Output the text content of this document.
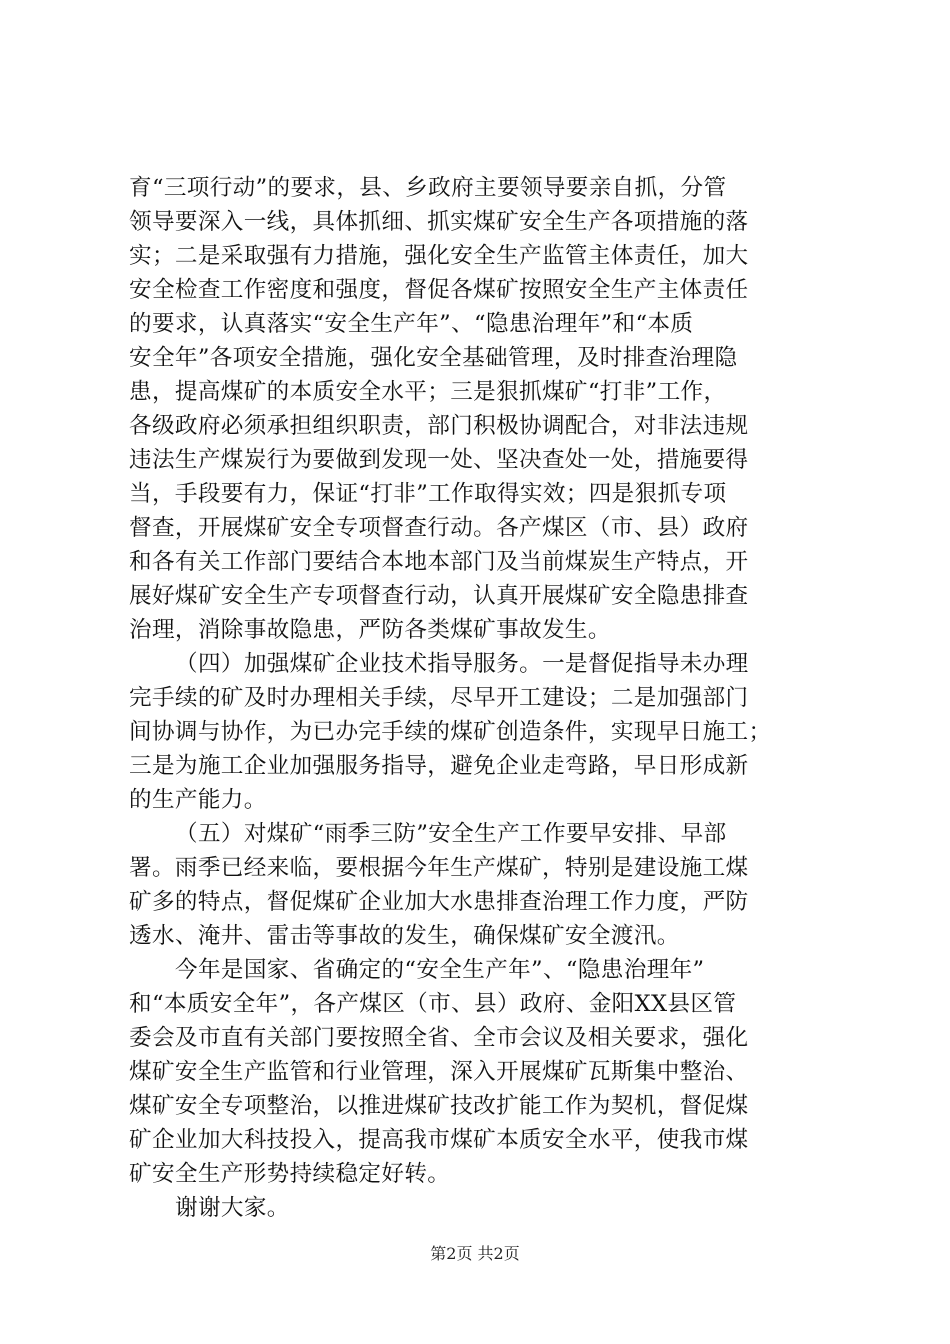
育“三项行动”的要求，县、乡政府主要领导要亲自抓，分管
领导要深入一线，具体抓细、抓实煤矿安全生产各项措施的落
实；二是采取强有力措施，强化安全生产监管主体责任，加大
安全检查工作密度和强度，督促各煤矿按照安全生产主体责任
的要求，认真落实“安全生产年”、“隐患治理年”和“本质
安全年”各项安全措施，强化安全基础管理，及时排查治理隐
患，提高煤矿的本质安全水平；三是狠抓煤矿“打非”工作，
各级政府必须承担组织职责，部门积极协调配合，对非法违规
违法生产煤炭行为要做到发现一处、坚决查处一处，措施要得
当，手段要有力，保证“打非”工作取得实效；四是狠抓专项
督查，开展煤矿安全专项督查行动。各产煤区（市、县）政府
和各有关工作部门要结合本地本部门及当前煤炭生产特点，开
展好煤矿安全生产专项督查行动，认真开展煤矿安全隐患排查
治理，消除事故隐患，严防各类煤矿事故发生。
（四）加强煤矿企业技术指导服务。一是督促指导未办理
完手续的矿及时办理相关手续，尽早开工建设；二是加强部门
间协调与协作，为已办完手续的煤矿创造条件，实现早日施工；
三是为施工企业加强服务指导，避免企业走弯路，早日形成新
的生产能力。
（五）对煤矿“雨季三防”安全生产工作要早安排、早部
署。雨季已经来临，要根据今年生产煤矿，特别是建设施工煤
矿多的特点，督促煤矿企业加大水患排查治理工作力度，严防
透水、淹井、雷击等事故的发生，确保煤矿安全渡汛。
今年是国家、省确定的“安全生产年”、“隐患治理年”
和“本质安全年”，各产煤区（市、县）政府、金阳XX县区管
委会及市直有关部门要按照全省、全市会议及相关要求，强化
煤矿安全生产监管和行业管理，深入开展煤矿瓦斯集中整治、
煤矿安全专项整治，以推进煤矿技改扩能工作为契机，督促煤
矿企业加大科技投入，提高我市煤矿本质安全水平，使我市煤
矿安全生产形势持续稳定好转。
谢谢大家。
第2页 共2页
